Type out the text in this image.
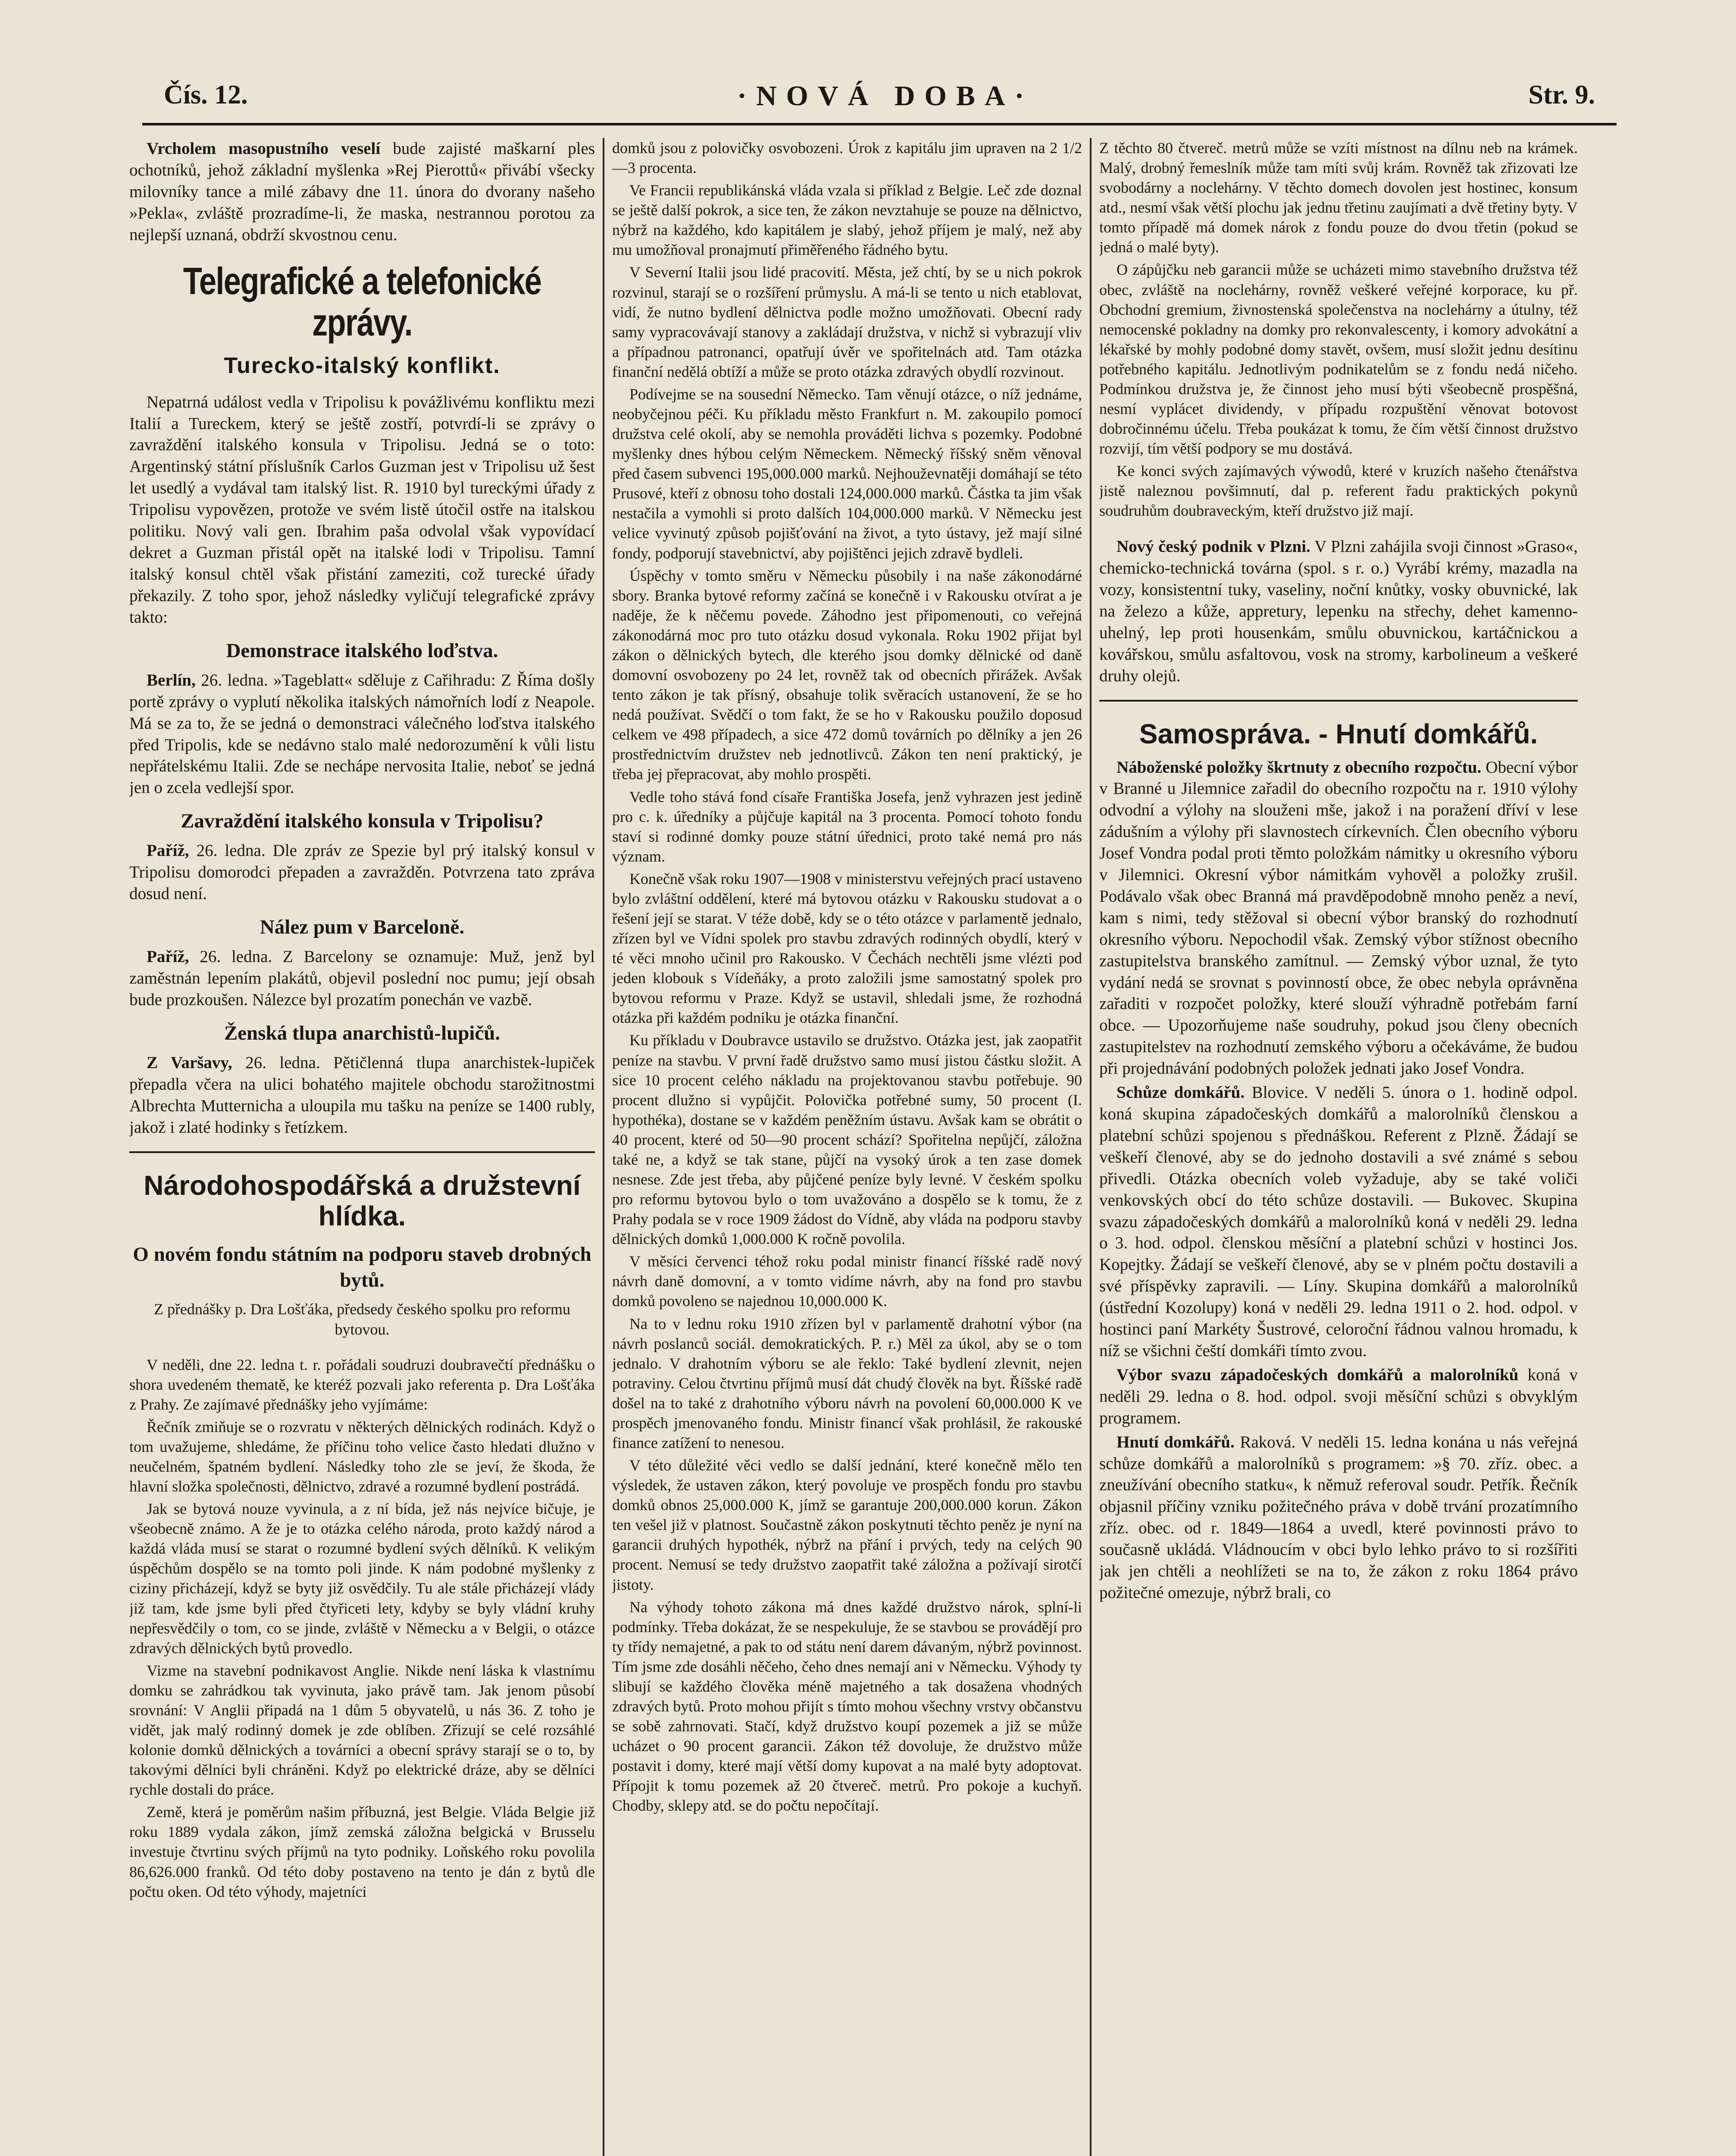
Čís. 12.	·NOVÁ DOBA·	Str. 9.

Vrcholem masopustního veselí bude zajisté maškarní ples ochotníků, jehož základní myšlenka »Rej Pierottů« přivábí všecky milovníky tance a milé zábavy dne 11. února do dvorany našeho »Pekla«, zvláště prozradíme-li, že maska, nestrannou porotou za nejlepší uznaná, obdrží skvostnou cenu.

Telegrafické a telefonické zprávy.
Turecko-italský konflikt.

Nepatrná událost vedla v Tripolisu k povážlivému konfliktu mezi Italií a Tureckem, který se ještě zostří, potvrdí-li se zprávy o zavraždění italského konsula v Tripolisu. Jedná se o toto: Argentinský státní příslušník Carlos Guzman jest v Tripolisu už šest let usedlý a vydával tam italský list. R. 1910 byl tureckými úřady z Tripolisu vypovězen, protože ve svém listě útočil ostře na italskou politiku. Nový vali gen. Ibrahim paša odvolal však vypovídací dekret a Guzman přistál opět na italské lodi v Tripolisu. Tamní italský konsul chtěl však přistání zameziti, což turecké úřady překazily. Z toho spor, jehož následky vyličují telegrafické zprávy takto:

Demonstrace italského loďstva.

Berlín, 26. ledna. »Tageblatt« sděluje z Cařihradu: Z Říma došly portě zprávy o vyplutí několika italských námořních lodí z Neapole. Má se za to, že se jedná o demonstraci válečného loďstva italského před Tripolis, kde se nedávno stalo malé nedorozumění k vůli listu nepřátelskému Italii. Zde se nechápe nervosita Italie, neboť se jedná jen o zcela vedlejší spor.

Zavraždění italského konsula v Tripolisu?

Paříž, 26. ledna. Dle zpráv ze Spezie byl prý italský konsul v Tripolisu domorodci přepaden a zavražděn. Potvrzena tato zpráva dosud není.

Nález pum v Barceloně.

Paříž, 26. ledna. Z Barcelony se oznamuje: Muž, jenž byl zaměstnán lepením plakátů, objevil poslední noc pumu; její obsah bude prozkoušen. Nálezce byl prozatím ponechán ve vazbě.

Ženská tlupa anarchistů-lupičů.

Z Varšavy, 26. ledna. Pětičlenná tlupa anarchistek-lupiček přepadla včera na ulici bohatého majitele obchodu starožitnostmi Albrechta Mutternicha a uloupila mu tašku na peníze se 1400 rubly, jakož i zlaté hodinky s řetízkem.

Národohospodářská a družstevní hlídka.
O novém fondu státním na podporu staveb drobných bytů.

Z přednášky p. Dra Lošťáka, předsedy českého spolku pro reformu bytovou.

V neděli, dne 22. ledna t. r. pořádali soudruzi doubravečtí přednášku o shora uvedeném thematě, ke kteréž pozvali jako referenta p. Dra Lošťáka z Prahy. Ze zajímavé přednášky jeho vyjímáme:

Řečník zmiňuje se o rozvratu v některých dělnických rodinách. Když o tom uvažujeme, shledáme, že příčinu toho velice často hledati dlužno v neučelném, špatném bydlení. Následky toho zle se jeví, že škoda, že hlavní složka společnosti, dělnictvo, zdravé a rozumné bydlení postrádá.

Jak se bytová nouze vyvinula, a z ní bída, jež nás nejvíce bičuje, je všeobecně známo. A že je to otázka celého národa, proto každý národ a každá vláda musí se starat o rozumné bydlení svých dělníků. K velikým úspěchům dospělo se na tomto poli jinde. K nám podobné myšlenky z ciziny přicházejí, když se byty již osvědčily. Tu ale stále přicházejí vlády již tam, kde jsme byli před čtyřiceti lety, kdyby se byly vládní kruhy nepřesvědčily o tom, co se jinde, zvláště v Německu a v Belgii, o otázce zdravých dělnických bytů provedlo.

Vizme na stavební podnikavost Anglie. Nikde není láska k vlastnímu domku se zahrádkou tak vyvinuta, jako právě tam. Jak jenom působí srovnání: V Anglii připadá na 1 dům 5 obyvatelů, u nás 36. Z toho je vidět, jak malý rodinný domek je zde oblíben. Zřizují se celé rozsáhlé kolonie domků dělnických a továrníci a obecní správy starají se o to, by takovými dělníci byli chráněni. Když po elektrické dráze, aby se dělníci rychle dostali do práce.

Země, která je poměrům našim příbuzná, jest Belgie. Vláda Belgie již roku 1889 vydala zákon, jímž zemská záložna belgická v Brusselu investuje čtvrtinu svých příjmů na tyto podniky. Loňského roku povolila 86,626.000 franků. Od této doby postaveno na tento je dán z bytů dle počtu oken. Od této výhody, majetníci

domků jsou z polovičky osvobozeni. Úrok z kapitálu jim upraven na 2 1/2—3 procenta.

Ve Francii republikánská vláda vzala si příklad z Belgie. Leč zde doznal se ještě další pokrok, a sice ten, že zákon nevztahuje se pouze na dělnictvo, nýbrž na každého, kdo kapitálem je slabý, jehož příjem je malý, než aby mu umožňoval pronajmutí přiměřeného řádného bytu.

V Severní Italii jsou lidé pracovití. Města, jež chtí, by se u nich pokrok rozvinul, starají se o rozšíření průmyslu. A má-li se tento u nich etablovat, vidí, že nutno bydlení dělnictva podle možno umožňovati. Obecní rady samy vypracovávají stanovy a zakládají družstva, v nichž si vybrazují vliv a případnou patronanci, opatřují úvěr ve spořitelnách atd. Tam otázka finanční nedělá obtíží a může se proto otázka zdravých obydlí rozvinout.

Podívejme se na sousední Německo. Tam věnují otázce, o níž jednáme, neobyčejnou péči. Ku příkladu město Frankfurt n. M. zakoupilo pomocí družstva celé okolí, aby se nemohla prováděti lichva s pozemky. Podobné myšlenky dnes hýbou celým Německem. Německý říšský sněm věnoval před časem subvenci 195,000.000 marků. Nejhouževnatěji domáhají se této Prusové, kteří z obnosu toho dostali 124,000.000 marků. Částka ta jim však nestačila a vymohli si proto dalších 104,000.000 marků. V Německu jest velice vyvinutý způsob pojišťování na život, a tyto ústavy, jež mají silné fondy, podporují stavebnictví, aby pojištěnci jejich zdravě bydleli.

Úspěchy v tomto směru v Německu působily i na naše zákonodárné sbory. Branka bytové reformy začíná se konečně i v Rakousku otvírat a je naděje, že k něčemu povede. Záhodno jest připomenouti, co veřejná zákonodárná moc pro tuto otázku dosud vykonala. Roku 1902 přijat byl zákon o dělnických bytech, dle kterého jsou domky dělnické od daně domovní osvobozeny po 24 let, rovněž tak od obecních přirážek. Avšak tento zákon je tak přísný, obsahuje tolik svěracích ustanovení, že se ho nedá používat. Svědčí o tom fakt, že se ho v Rakousku použilo doposud celkem ve 498 případech, a sice 472 domů továrních po dělníky a jen 26 prostřednictvím družstev neb jednotlivců. Zákon ten není praktický, je třeba jej přepracovat, aby mohlo prospěti.

Vedle toho stává fond císaře Františka Josefa, jenž vyhrazen jest jedině pro c. k. úředníky a půjčuje kapitál na 3 procenta. Pomocí tohoto fondu staví si rodinné domky pouze státní úřednici, proto také nemá pro nás význam.

Konečně však roku 1907—1908 v ministerstvu veřejných prací ustaveno bylo zvláštní oddělení, které má bytovou otázku v Rakousku studovat a o řešení její se starat. V téže době, kdy se o této otázce v parlamentě jednalo, zřízen byl ve Vídni spolek pro stavbu zdravých rodinných obydlí, který v té věci mnoho učinil pro Rakousko. V Čechách nechtěli jsme vlézti pod jeden klobouk s Vídeňáky, a proto založili jsme samostatný spolek pro bytovou reformu v Praze. Když se ustavil, shledali jsme, že rozhodná otázka při každém podniku je otázka finanční.

Ku příkladu v Doubravce ustavilo se družstvo. Otázka jest, jak zaopatřit peníze na stavbu. V první řadě družstvo samo musí jistou částku složit. A sice 10 procent celého nákladu na projektovanou stavbu potřebuje. 90 procent dlužno si vypůjčit. Polovička potřebné sumy, 50 procent (I. hypothéka), dostane se v každém peněžním ústavu. Avšak kam se obrátit o 40 procent, které od 50—90 procent schází? Spořitelna nepůjčí, záložna také ne, a když se tak stane, půjčí na vysoký úrok a ten zase domek nesnese. Zde jest třeba, aby půjčené peníze byly levné. V českém spolku pro reformu bytovou bylo o tom uvažováno a dospělo se k tomu, že z Prahy podala se v roce 1909 žádost do Vídně, aby vláda na podporu stavby dělnických domků 1,000.000 K ročně povolila.

V měsíci červenci téhož roku podal ministr financí říšské radě nový návrh daně domovní, a v tomto vidíme návrh, aby na fond pro stavbu domků povoleno se najednou 10,000.000 K.

Na to v lednu roku 1910 zřízen byl v parlamentě drahotní výbor (na návrh poslanců sociál. demokratických. P. r.) Měl za úkol, aby se o tom jednalo. V drahotním výboru se ale řeklo: Také bydlení zlevnit, nejen potraviny. Celou čtvrtinu příjmů musí dát chudý člověk na byt. Říšské radě došel na to také z drahotního výboru návrh na povolení 60,000.000 K ve prospěch jmenovaného fondu. Ministr financí však prohlásil, že rakouské finance zatížení to nenesou.

V této důležité věci vedlo se další jednání, které konečně mělo ten výsledek, že ustaven zákon, který povoluje ve prospěch fondu pro stavbu domků obnos 25,000.000 K, jímž se garantuje 200,000.000 korun. Zákon ten vešel již v platnost. Součastně zákon poskytnuti těchto peněz je nyní na garancii druhých hypothék, nýbrž na přání i prvých, tedy na celých 90 procent. Nemusí se tedy družstvo zaopatřit také záložna a požívají sirotčí jistoty.

Na výhody tohoto zákona má dnes každé družstvo nárok, splní-li podmínky. Třeba dokázat, že se nespekuluje, že se stavbou se provádějí pro ty třídy nemajetné, a pak to od státu není darem dávaným, nýbrž povinnost. Tím jsme zde dosáhli něčeho, čeho dnes nemají ani v Německu. Výhody ty slibují se každého člověka méně majetného a tak dosažena vhodných zdravých bytů. Proto mohou přijít s tímto mohou všechny vrstvy občanstvu se sobě zahrnovati. Stačí, když družstvo koupí pozemek a již se může ucházet o 90 procent garancii. Zákon též dovoluje, že družstvo může postavit i domy, které mají větší domy kupovat a na malé byty adoptovat. Přípojit k tomu pozemek až 20 čtvereč. metrů. Pro pokoje a kuchyň. Chodby, sklepy atd. se do počtu nepočítají.

Z těchto 80 čtvereč. metrů může se vzíti místnost na dílnu neb na krámek. Malý, drobný řemeslník může tam míti svůj krám. Rovněž tak zřizovati lze svobodárny a noclehárny. V těchto domech dovolen jest hostinec, konsum atd., nesmí však větší plochu jak jednu třetinu zaujímati a dvě třetiny byty. V tomto případě má domek nárok z fondu pouze do dvou třetin (pokud se jedná o malé byty).

O zápůjčku neb garancii může se ucházeti mimo stavebního družstva též obec, zvláště na noclehárny, rovněž veškeré veřejné korporace, ku př. Obchodní gremium, živnostenská společenstva na noclehárny a útulny, též nemocenské pokladny na domky pro rekonvalescenty, i komory advokátní a lékařské by mohly podobné domy stavět, ovšem, musí složit jednu desítinu potřebného kapitálu. Jednotlivým podnikatelům se z fondu nedá ničeho. Podmínkou družstva je, že činnost jeho musí býti všeobecně prospěšná, nesmí vyplácet dividendy, v případu rozpuštění věnovat botovost dobročinnému účelu. Třeba poukázat k tomu, že čím větší činnost družstvo rozvijí, tím větší podpory se mu dostává.

Ke konci svých zajímavých výwodů, které v kruzích našeho čtenářstva jistě naleznou povšimnutí, dal p. referent řadu praktických pokynů soudruhům doubraveckým, kteří družstvo již mají.

Nový český podnik v Plzni. V Plzni zahájila svoji činnost »Graso«, chemicko-technická továrna (spol. s r. o.) Vyrábí krémy, mazadla na vozy, konsistentní tuky, vaseliny, noční knůtky, vosky obuvnické, lak na železo a kůže, appretury, lepenku na střechy, dehet kamenno-uhelný, lep proti housenkám, smůlu obuvnickou, kartáčnickou a kovářskou, smůlu asfaltovou, vosk na stromy, karbolineum a veškeré druhy olejů.

Samospráva. - Hnutí domkářů.

Náboženské položky škrtnuty z obecního rozpočtu. Obecní výbor v Branné u Jilemnice zařadil do obecního rozpočtu na r. 1910 výlohy odvodní a výlohy na slouženi mše, jakož i na poražení dříví v lese zádušním a výlohy při slavnostech církevních. Člen obecního výboru Josef Vondra podal proti těmto položkám námitky u okresního výboru v Jilemnici. Okresní výbor námitkám vyhověl a položky zrušil. Podávalo však obec Branná má pravděpodobně mnoho peněz a neví, kam s nimi, tedy stěžoval si obecní výbor branský do rozhodnutí okresního výboru. Nepochodil však. Zemský výbor stížnost obecního zastupitelstva branského zamítnul. — Zemský výbor uznal, že tyto vydání nedá se srovnat s povinností obce, že obec nebyla oprávněna zařaditi v rozpočet položky, které slouží výhradně potřebám farní obce. — Upozorňujeme naše soudruhy, pokud jsou členy obecních zastupitelstev na rozhodnutí zemského výboru a očekáváme, že budou při projednávání podobných položek jednati jako Josef Vondra.

Schůze domkářů. Blovice. V neděli 5. února o 1. hodině odpol. koná skupina západočeských domkářů a malorolníků členskou a platební schůzi spojenou s přednáškou. Referent z Plzně. Žádají se veškeří členové, aby se do jednoho dostavili a své známé s sebou přivedli. Otázka obecních voleb vyžaduje, aby se také voliči venkovských obcí do této schůze dostavili. — Bukovec. Skupina svazu západočeských domkářů a malorolníků koná v neděli 29. ledna o 3. hod. odpol. členskou měsíční a platební schůzi v hostinci Jos. Kopejtky. Žádají se veškeří členové, aby se v plném počtu dostavili a své příspěvky zapravili. — Líny. Skupina domkářů a malorolníků (ústřední Kozolupy) koná v neděli 29. ledna 1911 o 2. hod. odpol. v hostinci paní Markéty Šustrové, celoroční řádnou valnou hromadu, k níž se všichni čeští domkáři tímto zvou.

Výbor svazu západočeských domkářů a malorolníků koná v neděli 29. ledna o 8. hod. odpol. svoji měsíční schůzi s obvyklým programem.

Hnutí domkářů. Raková. V neděli 15. ledna konána u nás veřejná schůze domkářů a malorolníků s programem: »§ 70. zříz. obec. a zneužívání obecního statku«, k němuž referoval soudr. Petřík. Řečník objasnil příčiny vzniku požitečného práva v době trvání prozatímního zříz. obec. od r. 1849—1864 a uvedl, které povinnosti právo to současně ukládá. Vládnoucím v obci bylo lehko právo to si rozšířiti jak jen chtěli a neohlížeti se na to, že zákon z roku 1864 právo požitečné omezuje, nýbrž brali, co
